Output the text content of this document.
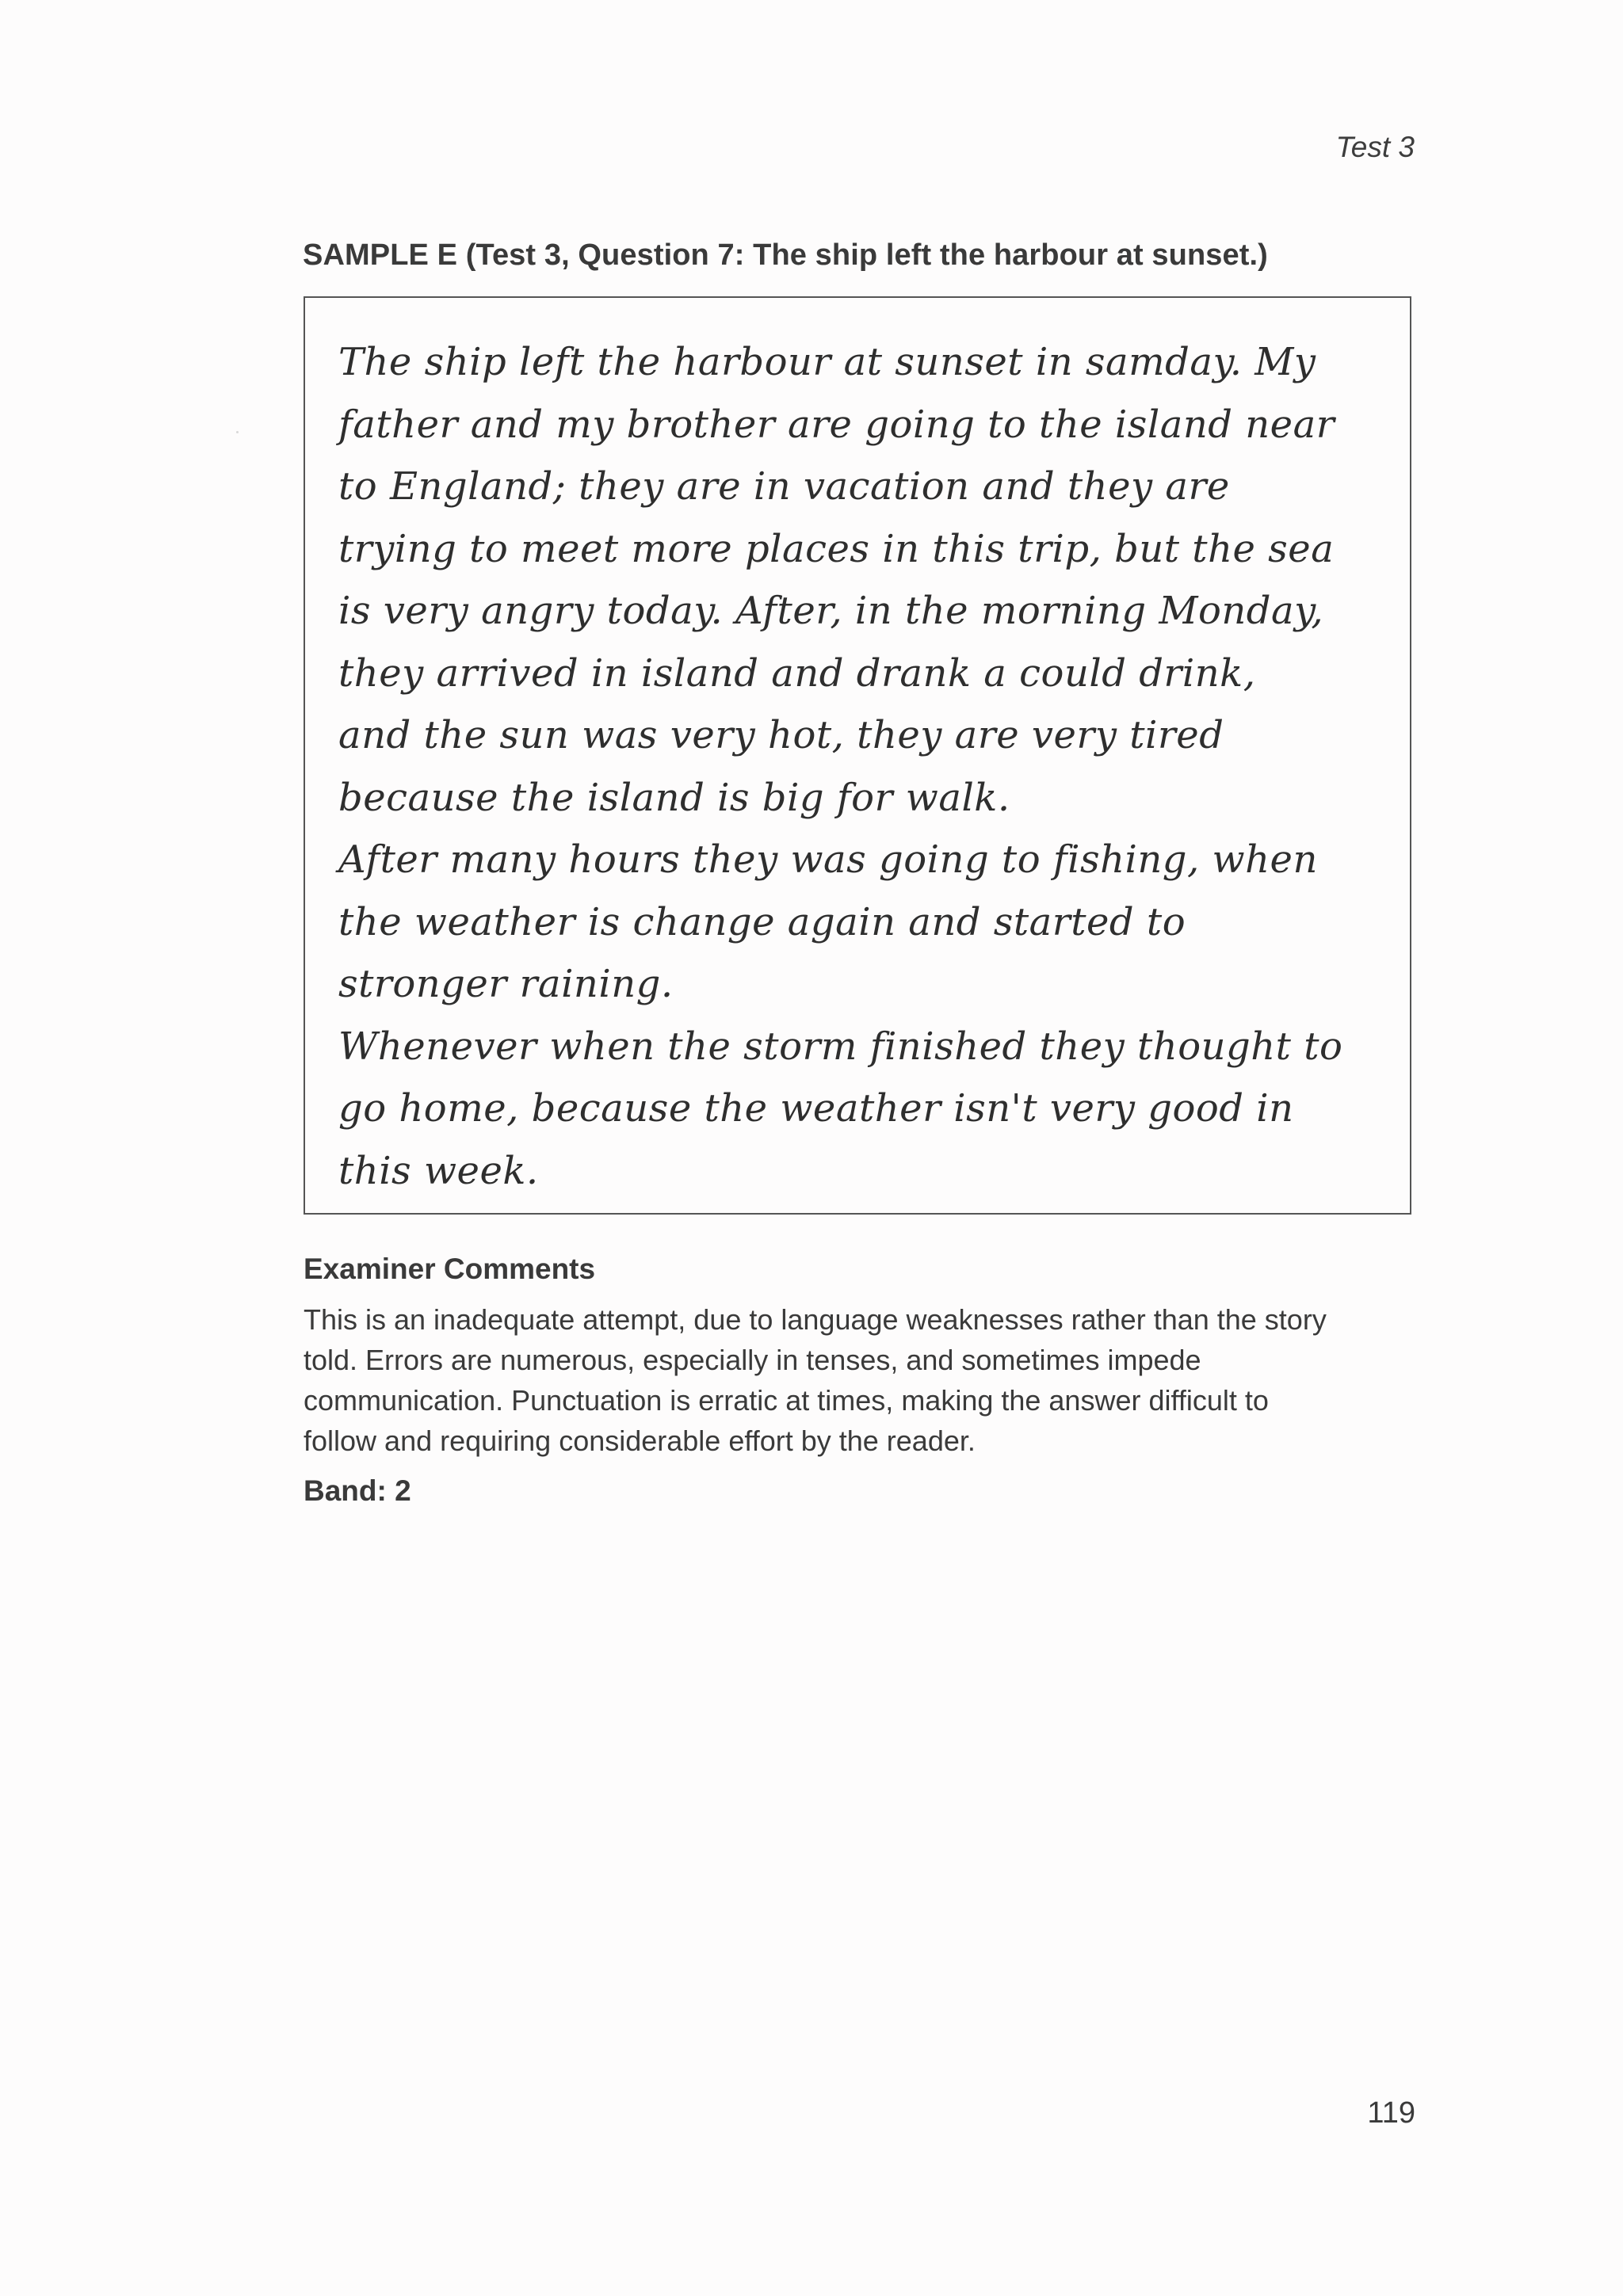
Test 3
SAMPLE E (Test 3, Question 7: The ship left the harbour at sunset.)
The ship left the harbour at sunset in samday. My
father and my brother are going to the island near
to England; they are in vacation and they are
trying to meet more places in this trip, but the sea
is very angry today. After, in the morning Monday,
they arrived in island and drank a could drink,
and the sun was very hot, they are very tired
because the island is big for walk.
After many hours they was going to fishing, when
the weather is change again and started to
stronger raining.
Whenever when the storm finished they thought to
go home, because the weather isn't very good in
this week.
Examiner Comments
This is an inadequate attempt, due to language weaknesses rather than the story
told. Errors are numerous, especially in tenses, and sometimes impede
communication. Punctuation is erratic at times, making the answer difficult to
follow and requiring considerable effort by the reader.
Band: 2
119
